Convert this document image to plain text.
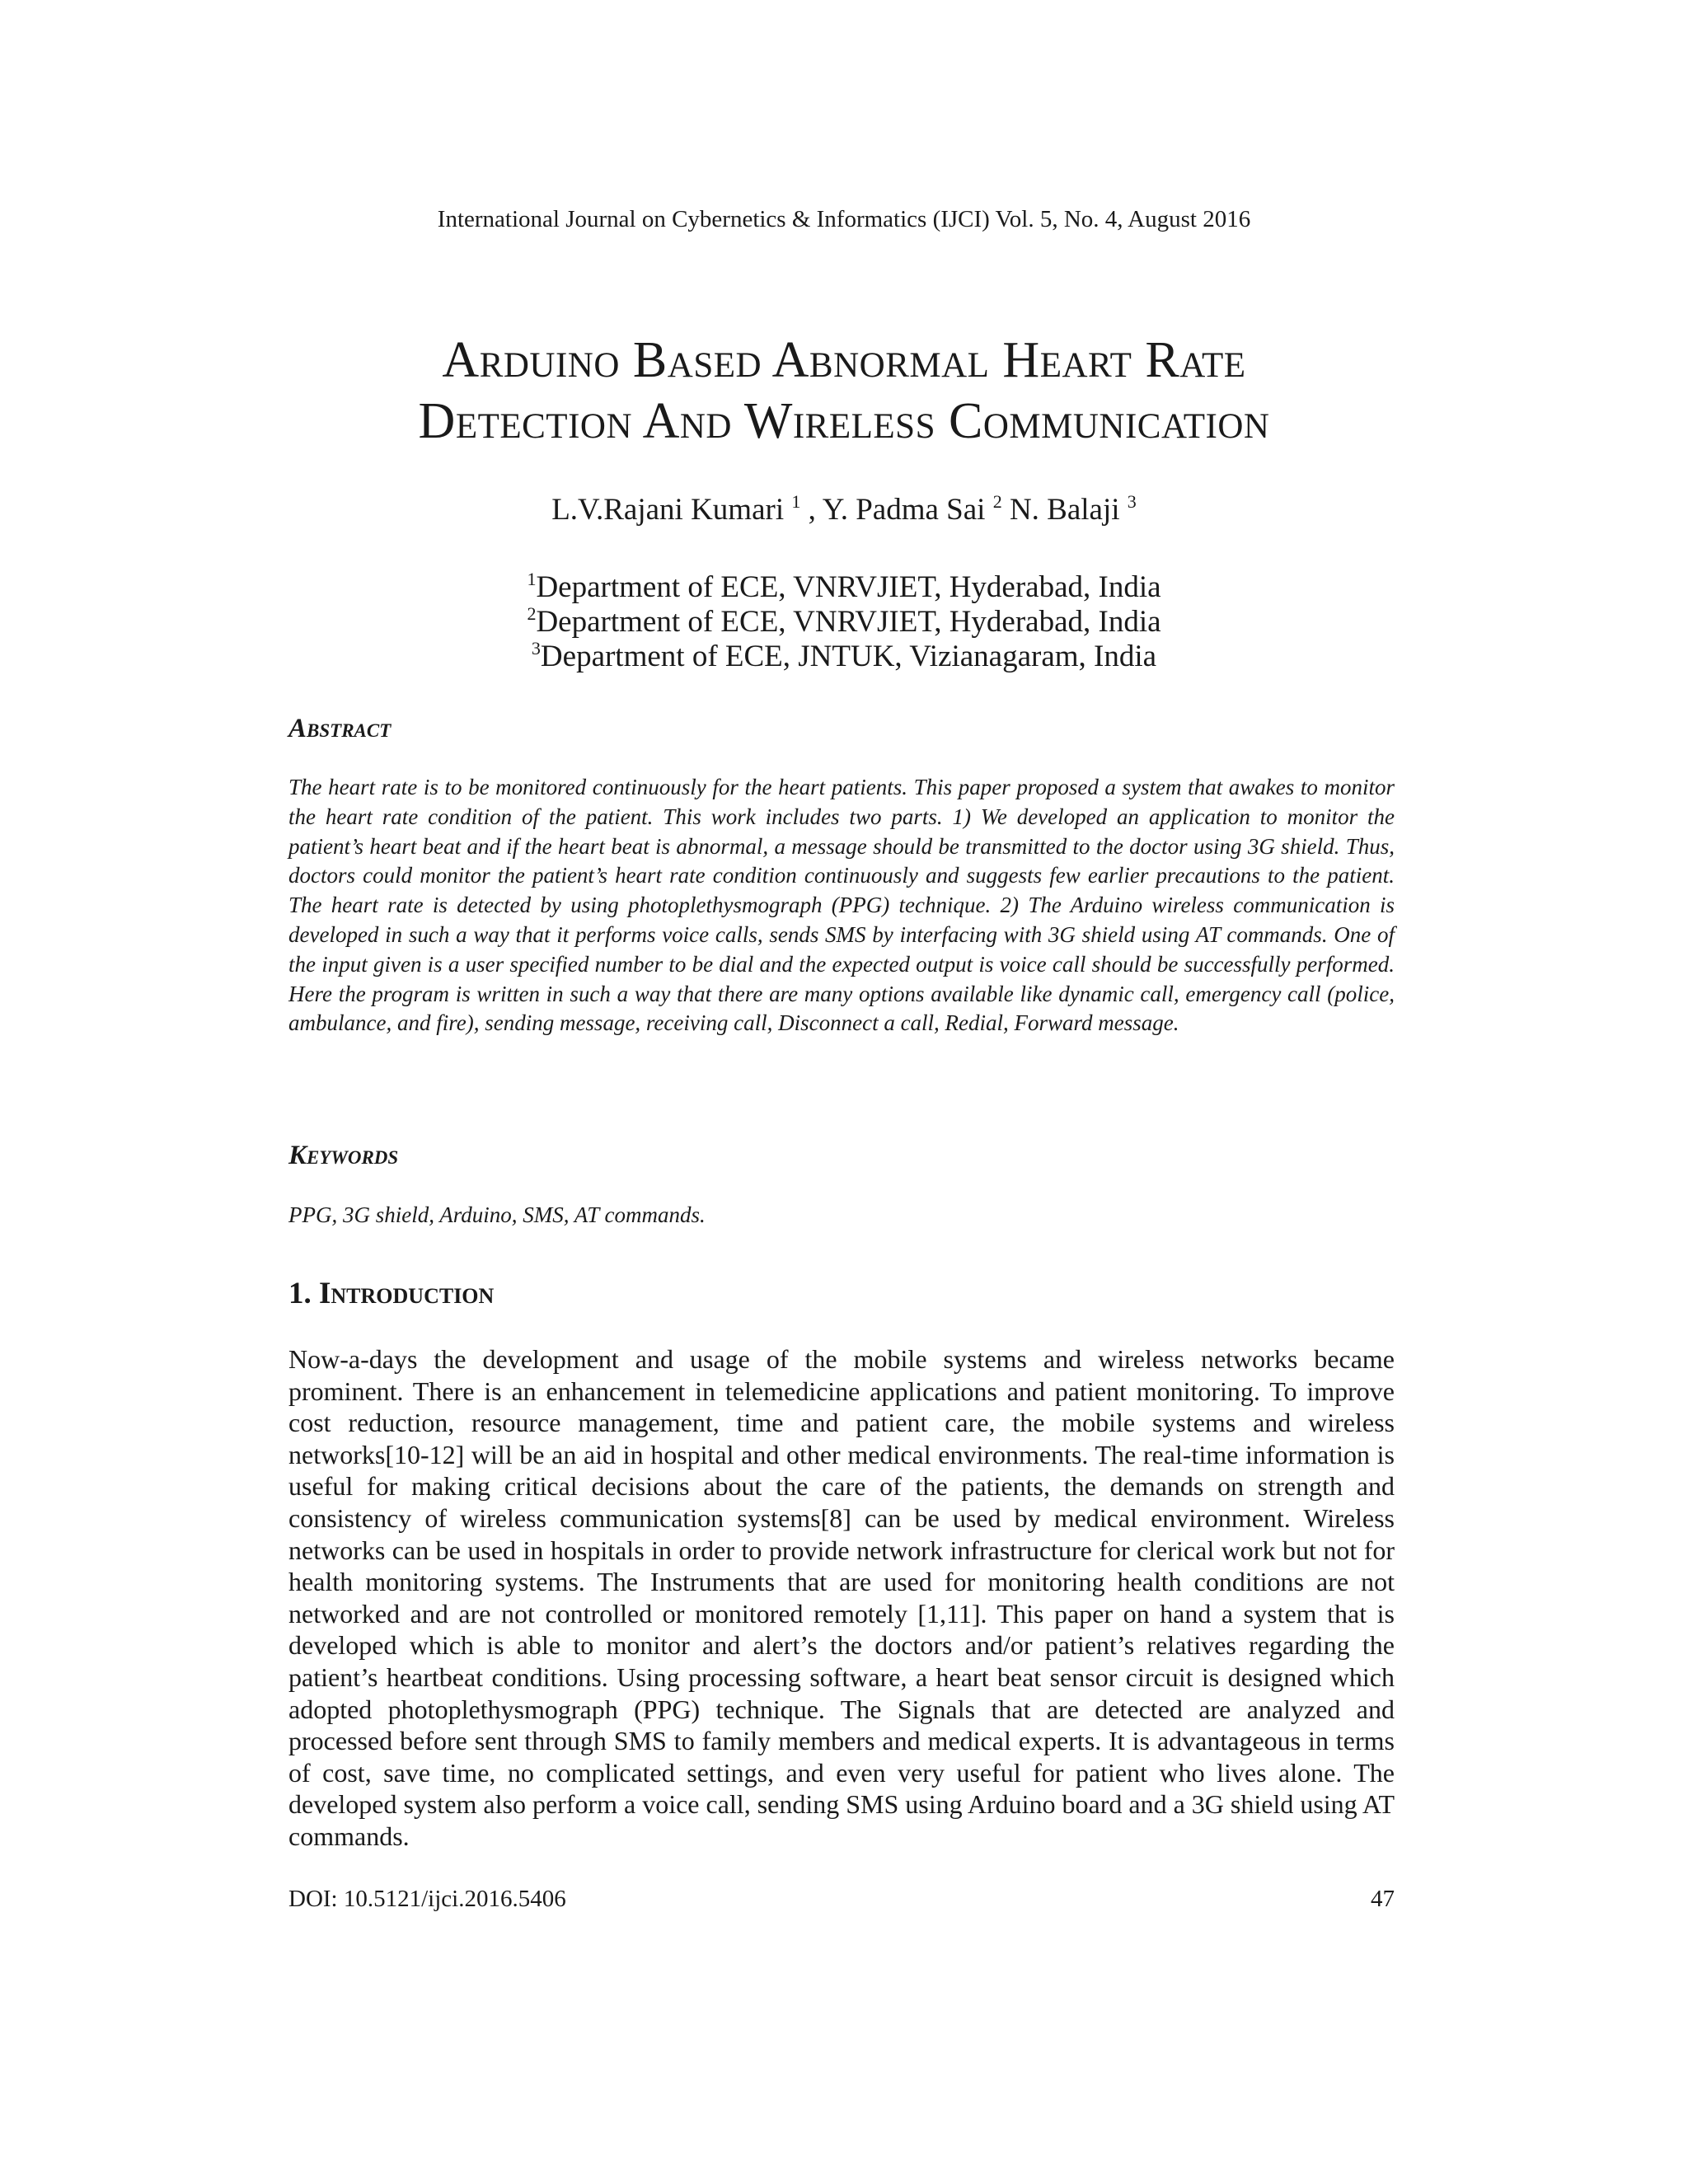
International Journal on Cybernetics & Informatics (IJCI) Vol. 5, No. 4, August 2016
Arduino Based Abnormal Heart Rate
Detection And Wireless Communication
L.V.Rajani Kumari $^1$ , Y. Padma Sai $^2$ N. Balaji $^3$
$^1$Department of ECE, VNRVJIET, Hyderabad, India
$^2$Department of ECE, VNRVJIET, Hyderabad, India
$^3$Department of ECE, JNTUK, Vizianagaram, India
Abstract

The heart rate is to be monitored continuously for the heart patients. This paper proposed a system that awakes to monitor the heart rate condition of the patient. This work includes two parts. 1) We developed an application to monitor the patient’s heart beat and if the heart beat is abnormal, a message should be transmitted to the doctor using 3G shield. Thus, doctors could monitor the patient’s heart rate condition continuously and suggests few earlier precautions to the patient. The heart rate is detected by using photoplethysmograph (PPG) technique. 2) The Arduino wireless communication is developed in such a way that it performs voice calls, sends SMS by interfacing with 3G shield using AT commands. One of the input given is a user specified number to be dial and the expected output is voice call should be successfully performed. Here the program is written in such a way that there are many options available like dynamic call, emergency call (police, ambulance, and fire), sending message, receiving call, Disconnect a call, Redial, Forward message.

Keywords

PPG, 3G shield, Arduino, SMS, AT commands.

1. Introduction

Now-a-days the development and usage of the mobile systems and wireless networks became prominent. There is an enhancement in telemedicine applications and patient monitoring. To improve cost reduction, resource management, time and patient care, the mobile systems and wireless networks[10-12] will be an aid in hospital and other medical environments. The real-time information is useful for making critical decisions about the care of the patients, the demands on strength and consistency of wireless communication systems[8] can be used by medical environment. Wireless networks can be used in hospitals in order to provide network infrastructure for clerical work but not for health monitoring systems. The Instruments that are used for monitoring health conditions are not networked and are not controlled or monitored remotely [1,11]. This paper on hand a system that is developed which is able to monitor and alert’s the doctors and/or patient’s relatives regarding the patient’s heartbeat conditions. Using processing software, a heart beat sensor circuit is designed which adopted photoplethysmograph (PPG) technique. The Signals that are detected are analyzed and processed before sent through SMS to family members and medical experts. It is advantageous in terms of cost, save time, no complicated settings, and even very useful for patient who lives alone. The developed system also perform a voice call, sending SMS using Arduino board and a 3G shield using AT commands.

DOI: 10.5121/ijci.2016.5406	47
